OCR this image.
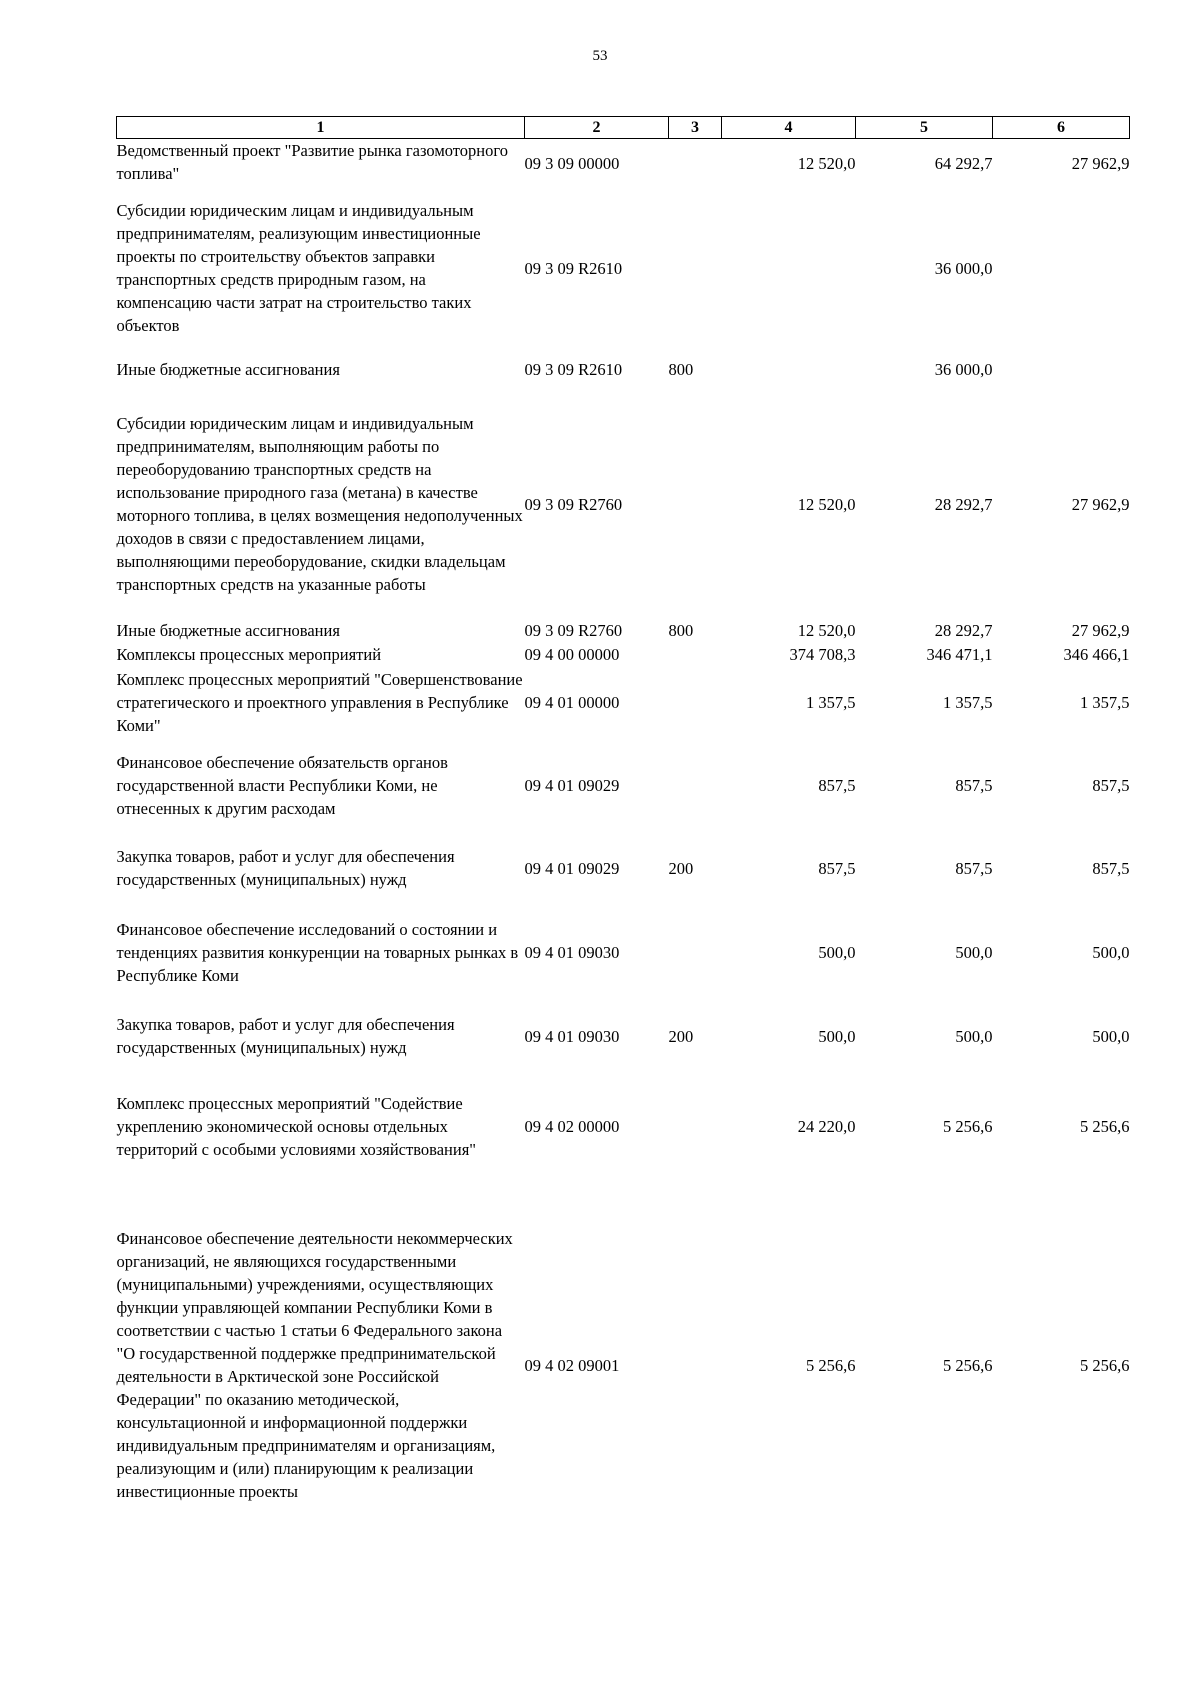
53
1	2	3	4	5	6
Ведомственный проект "Развитие рынка газомоторного топлива"	09 3 09 00000		12 520,0	64 292,7	27 962,9
Субсидии юридическим лицам и индивидуальным предпринимателям, реализующим инвестиционные проекты по строительству объектов заправки транспортных средств природным газом, на компенсацию части затрат на строительство таких объектов	09 3 09 R2610			36 000,0	
Иные бюджетные ассигнования	09 3 09 R2610	800		36 000,0	
Субсидии юридическим лицам и индивидуальным предпринимателям, выполняющим работы по переоборудованию транспортных средств на использование природного газа (метана) в качестве моторного топлива, в целях возмещения недополученных доходов в связи с предоставлением лицами, выполняющими переоборудование, скидки владельцам транспортных средств на указанные работы	09 3 09 R2760		12 520,0	28 292,7	27 962,9
Иные бюджетные ассигнования	09 3 09 R2760	800	12 520,0	28 292,7	27 962,9
Комплексы процессных мероприятий	09 4 00 00000		374 708,3	346 471,1	346 466,1
Комплекс процессных мероприятий "Совершенствование стратегического и проектного управления в Республике Коми"	09 4 01 00000		1 357,5	1 357,5	1 357,5
Финансовое обеспечение обязательств органов государственной власти Республики Коми, не отнесенных к другим расходам	09 4 01 09029		857,5	857,5	857,5
Закупка товаров, работ и услуг для обеспечения государственных (муниципальных) нужд	09 4 01 09029	200	857,5	857,5	857,5
Финансовое обеспечение исследований о состоянии и тенденциях развития конкуренции на товарных рынках в Республике Коми	09 4 01 09030		500,0	500,0	500,0
Закупка товаров, работ и услуг для обеспечения государственных (муниципальных) нужд	09 4 01 09030	200	500,0	500,0	500,0
Комплекс процессных мероприятий "Содействие укреплению экономической основы отдельных территорий с особыми условиями хозяйствования"	09 4 02 00000		24 220,0	5 256,6	5 256,6
Финансовое обеспечение деятельности некоммерческих организаций, не являющихся государственными (муниципальными) учреждениями, осуществляющих функции управляющей компании Республики Коми в соответствии с частью 1 статьи 6 Федерального закона "О государственной поддержке предпринимательской деятельности в Арктической зоне Российской Федерации" по оказанию методической, консультационной и информационной поддержки индивидуальным предпринимателям и организациям, реализующим и (или) планирующим к реализации инвестиционные проекты	09 4 02 09001		5 256,6	5 256,6	5 256,6
